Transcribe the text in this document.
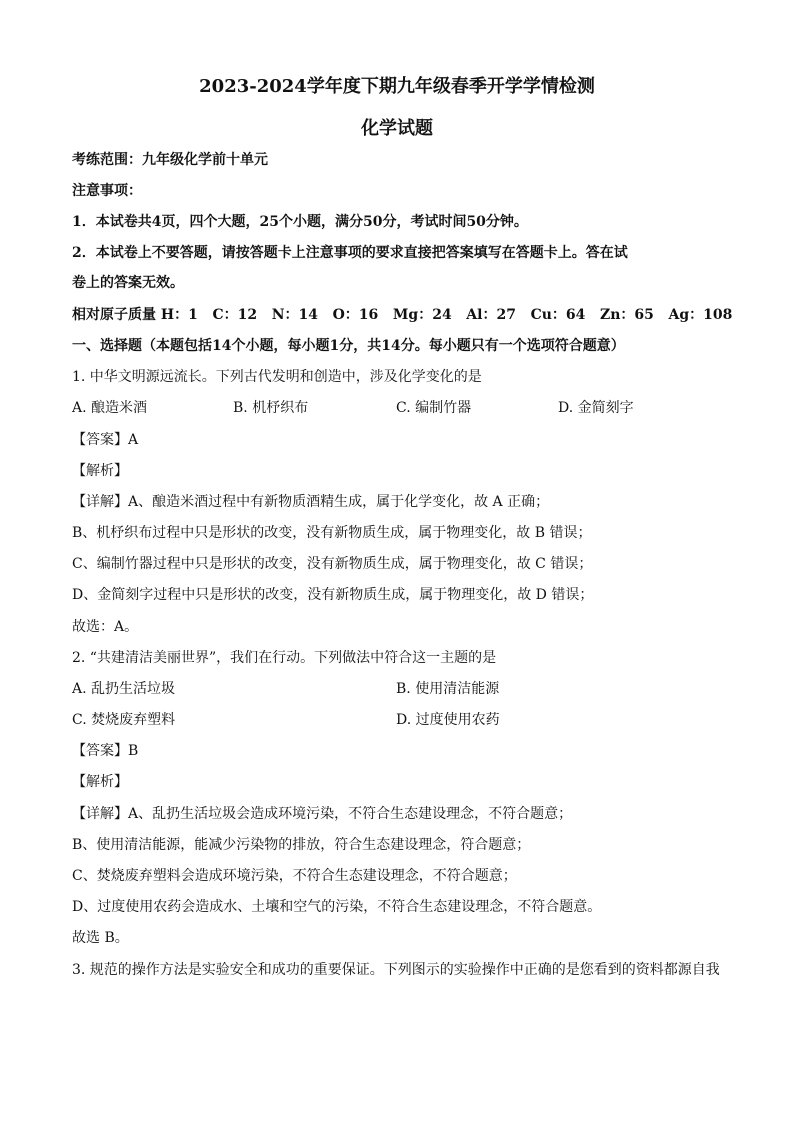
2023-2024学年度下期九年级春季开学学情检测
化学试题
考练范围：九年级化学前十单元
注意事项：
1．本试卷共4页，四个大题，25个小题，满分50分，考试时间50分钟。
2．本试卷上不要答题，请按答题卡上注意事项的要求直接把答案填写在答题卡上。答在试
卷上的答案无效。
相对原子质量 H：1   C：12   N：14   O：16   Mg：24   Al：27   Cu：64   Zn：65   Ag：108
一、选择题（本题包括14个小题，每小题1分，共14分。每小题只有一个选项符合题意）
1. 中华文明源远流长。下列古代发明和创造中，涉及化学变化的是
A. 酿造米酒	B. 机杼织布	C. 编制竹器	D. 金简刻字
【答案】A
【解析】
【详解】A、酿造米酒过程中有新物质酒精生成，属于化学变化，故 A 正确；
B、机杼织布过程中只是形状的改变，没有新物质生成，属于物理变化，故 B 错误；
C、编制竹器过程中只是形状的改变，没有新物质生成，属于物理变化，故 C 错误；
D、金简刻字过程中只是形状的改变，没有新物质生成，属于物理变化，故 D 错误；
故选：A。
2. “共建清洁美丽世界”，我们在行动。下列做法中符合这一主题的是
A. 乱扔生活垃圾	B. 使用清洁能源
C. 焚烧废弃塑料	D. 过度使用农药
【答案】B
【解析】
【详解】A、乱扔生活垃圾会造成环境污染，不符合生态建设理念，不符合题意；
B、使用清洁能源，能减少污染物的排放，符合生态建设理念，符合题意；
C、焚烧废弃塑料会造成环境污染，不符合生态建设理念，不符合题意；
D、过度使用农药会造成水、土壤和空气的污染，不符合生态建设理念，不符合题意。
故选 B。
3. 规范的操作方法是实验安全和成功的重要保证。下列图示的实验操作中正确的是您看到的资料都源自我
